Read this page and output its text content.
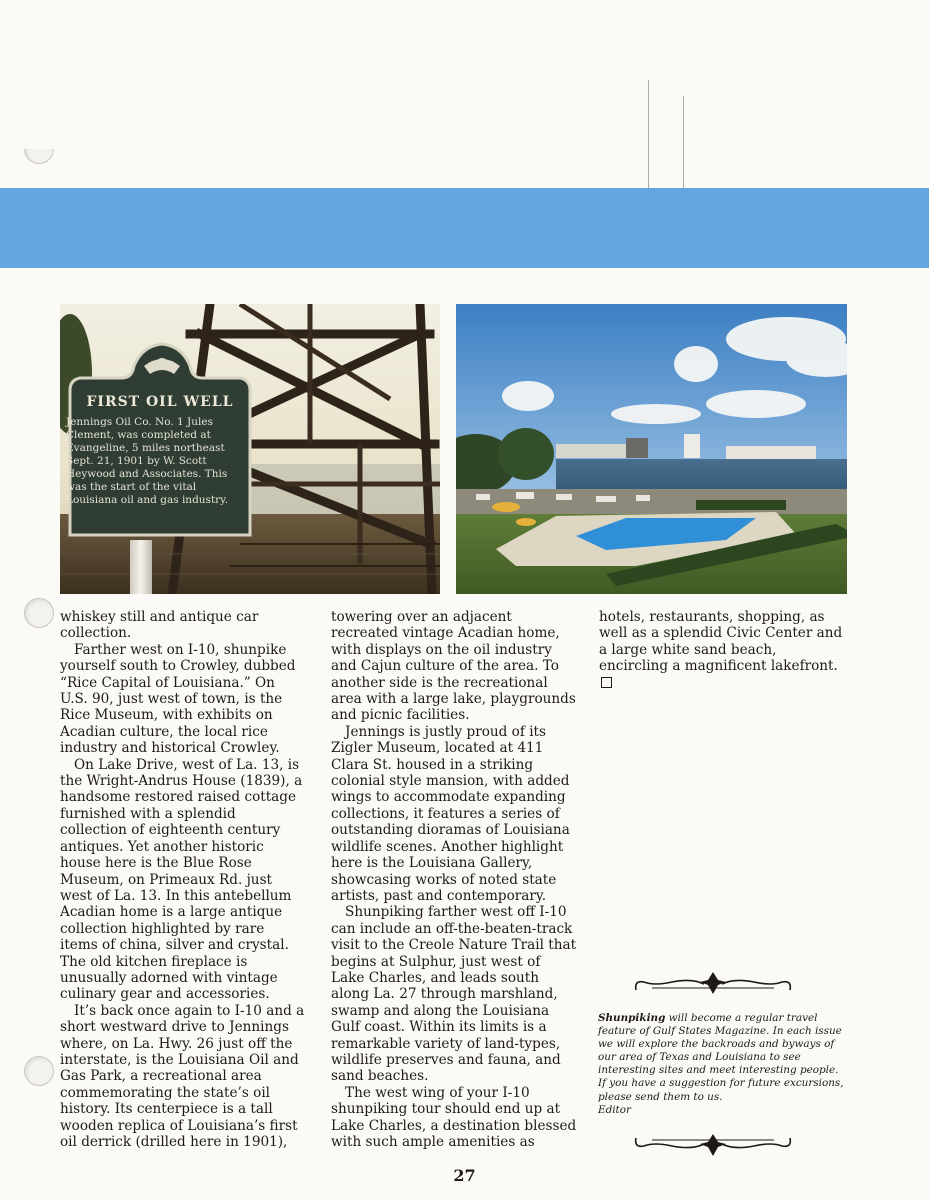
FIRST OIL WELL
Jennings Oil Co. No. 1 Jules Clement, was completed at Evangeline, 5 miles northeast Sept. 21, 1901 by W. Scott Heywood and Associates. This was the start of the vital Louisiana oil and gas industry.

whiskey still and antique car collection.

Farther west on I-10, shunpike yourself south to Crowley, dubbed “Rice Capital of Louisiana.” On U.S. 90, just west of town, is the Rice Museum, with exhibits on Acadian culture, the local rice industry and historical Crowley.

On Lake Drive, west of La. 13, is the Wright-Andrus House (1839), a handsome restored raised cottage furnished with a splendid collection of eighteenth century antiques. Yet another historic house here is the Blue Rose Museum, on Primeaux Rd. just west of La. 13. In this antebellum Acadian home is a large antique collection highlighted by rare items of china, silver and crystal. The old kitchen fireplace is unusually adorned with vintage culinary gear and accessories.

It’s back once again to I-10 and a short westward drive to Jennings where, on La. Hwy. 26 just off the interstate, is the Louisiana Oil and Gas Park, a recreational area commemorating the state’s oil history. Its centerpiece is a tall wooden replica of Louisiana’s first oil derrick (drilled here in 1901),

towering over an adjacent recreated vintage Acadian home, with displays on the oil industry and Cajun culture of the area. To another side is the recreational area with a large lake, playgrounds and picnic facilities.

Jennings is justly proud of its Zigler Museum, located at 411 Clara St. housed in a striking colonial style mansion, with added wings to accommodate expanding collections, it features a series of outstanding dioramas of Louisiana wildlife scenes. Another highlight here is the Louisiana Gallery, showcasing works of noted state artists, past and contemporary.

Shunpiking farther west off I-10 can include an off-the-beaten-track visit to the Creole Nature Trail that begins at Sulphur, just west of Lake Charles, and leads south along La. 27 through marshland, swamp and along the Louisiana Gulf coast. Within its limits is a remarkable variety of land-types, wildlife preserves and fauna, and sand beaches.

The west wing of your I-10 shunpiking tour should end up at Lake Charles, a destination blessed with such ample amenities as

hotels, restaurants, shopping, as well as a splendid Civic Center and a large white sand beach, encircling a magnificent lakefront.

Shunpiking will become a regular travel feature of Gulf States Magazine. In each issue we will explore the backroads and byways of our area of Texas and Louisiana to see interesting sites and meet interesting people. If you have a suggestion for future excursions, please send them to us.
Editor
27
